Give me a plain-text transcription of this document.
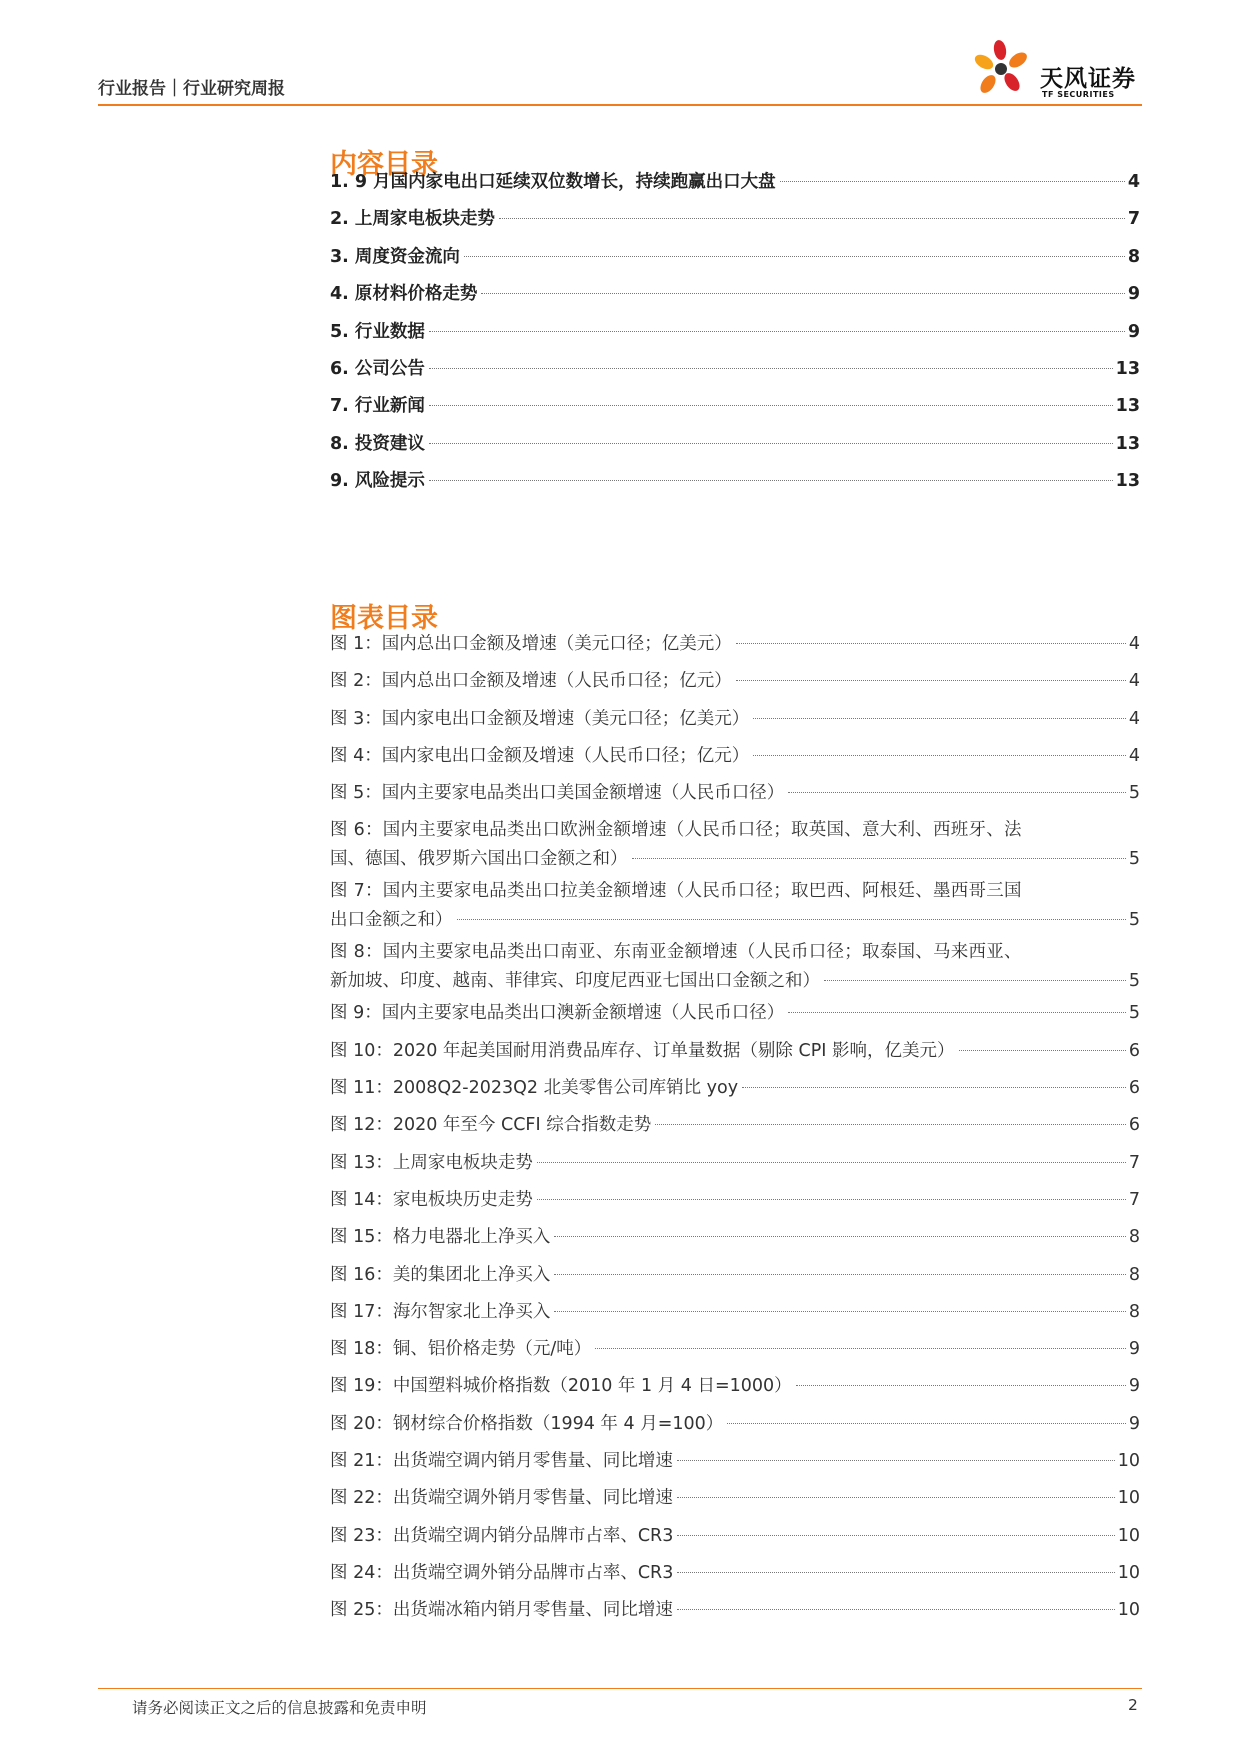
行业报告｜行业研究周报	天风证券
TF SECURITIES
内容目录
1. 9 月国内家电出口延续双位数增长，持续跑赢出口大盘	4
2. 上周家电板块走势	7
3. 周度资金流向	8
4. 原材料价格走势	9
5. 行业数据	9
6. 公司公告	13
7. 行业新闻	13
8. 投资建议	13
9. 风险提示	13
图表目录
图 1：国内总出口金额及增速（美元口径；亿美元）	4
图 2：国内总出口金额及增速（人民币口径；亿元）	4
图 3：国内家电出口金额及增速（美元口径；亿美元）	4
图 4：国内家电出口金额及增速（人民币口径；亿元）	4
图 5：国内主要家电品类出口美国金额增速（人民币口径）	5
图 6：国内主要家电品类出口欧洲金额增速（人民币口径；取英国、意大利、西班牙、法
国、德国、俄罗斯六国出口金额之和）	5
图 7：国内主要家电品类出口拉美金额增速（人民币口径；取巴西、阿根廷、墨西哥三国
出口金额之和）	5
图 8：国内主要家电品类出口南亚、东南亚金额增速（人民币口径；取泰国、马来西亚、
新加坡、印度、越南、菲律宾、印度尼西亚七国出口金额之和）	5
图 9：国内主要家电品类出口澳新金额增速（人民币口径）	5
图 10：2020 年起美国耐用消费品库存、订单量数据（剔除 CPI 影响，亿美元）	6
图 11：2008Q2-2023Q2 北美零售公司库销比 yoy	6
图 12：2020 年至今 CCFI 综合指数走势	6
图 13：上周家电板块走势	7
图 14：家电板块历史走势	7
图 15：格力电器北上净买入	8
图 16：美的集团北上净买入	8
图 17：海尔智家北上净买入	8
图 18：铜、铝价格走势（元/吨）	9
图 19：中国塑料城价格指数（2010 年 1 月 4 日=1000）	9
图 20：钢材综合价格指数（1994 年 4 月=100）	9
图 21：出货端空调内销月零售量、同比增速	10
图 22：出货端空调外销月零售量、同比增速	10
图 23：出货端空调内销分品牌市占率、CR3	10
图 24：出货端空调外销分品牌市占率、CR3	10
图 25：出货端冰箱内销月零售量、同比增速	10
请务必阅读正文之后的信息披露和免责申明	2
